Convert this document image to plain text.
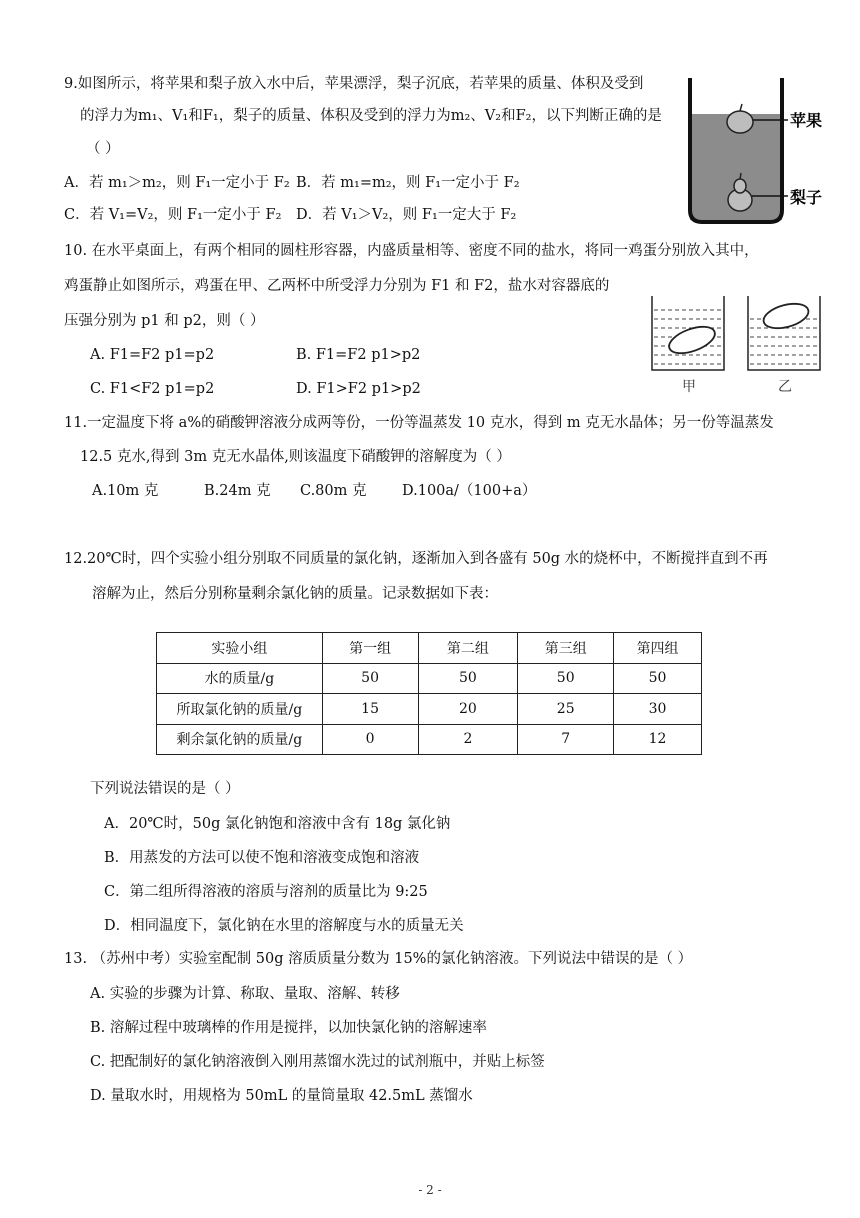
9.如图所示，将苹果和梨子放入水中后，苹果漂浮，梨子沉底，若苹果的质量、体积及受到
的浮力为m₁、V₁和F₁，梨子的质量、体积及受到的浮力为m₂、V₂和F₂，以下判断正确的是
（ ）
A．若 m₁＞m₂，则 F₁一定小于 F₂ B．若 m₁=m₂，则 F₁一定小于 F₂
C．若 V₁=V₂，则 F₁一定小于 F₂ D．若 V₁＞V₂，则 F₁一定大于 F₂
苹果
梨子
10. 在水平桌面上，有两个相同的圆柱形容器，内盛质量相等、密度不同的盐水，将同一鸡蛋分别放入其中，
鸡蛋静止如图所示，鸡蛋在甲、乙两杯中所受浮力分别为 F1 和 F2，盐水对容器底的
压强分别为 p1 和 p2，则（ ）
A. F1=F2 p1=p2	B. F1=F2 p1>p2
C. F1<F2 p1=p2	D. F1>F2 p1>p2	甲	乙
11.一定温度下将 a%的硝酸钾溶液分成两等份，一份等温蒸发 10 克水，得到 m 克无水晶体；另一份等温蒸发
12.5 克水,得到 3m 克无水晶体,则该温度下硝酸钾的溶解度为（ ）
A.10m 克	B.24m 克 C.80m 克 D.100a/（100+a）
12.20℃时，四个实验小组分别取不同质量的氯化钠，逐渐加入到各盛有 50g 水的烧杯中，不断搅拌直到不再
溶解为止，然后分别称量剩余氯化钠的质量。记录数据如下表：
实验小组	第一组	第二组	第三组	第四组
水的质量/g	50	50	50	50
所取氯化钠的质量/g	15	20	25	30
剩余氯化钠的质量/g	0	2	7	12
下列说法错误的是（ ）
A．20℃时，50g 氯化钠饱和溶液中含有 18g 氯化钠
B．用蒸发的方法可以使不饱和溶液变成饱和溶液
C．第二组所得溶液的溶质与溶剂的质量比为 9:25
D．相同温度下，氯化钠在水里的溶解度与水的质量无关
13. （苏州中考）实验室配制 50g 溶质质量分数为 15%的氯化钠溶液。下列说法中错误的是（ ）
A. 实验的步骤为计算、称取、量取、溶解、转移
B. 溶解过程中玻璃棒的作用是搅拌，以加快氯化钠的溶解速率
C. 把配制好的氯化钠溶液倒入刚用蒸馏水洗过的试剂瓶中，并贴上标签
D. 量取水时，用规格为 50mL 的量筒量取 42.5mL 蒸馏水
- 2 -
